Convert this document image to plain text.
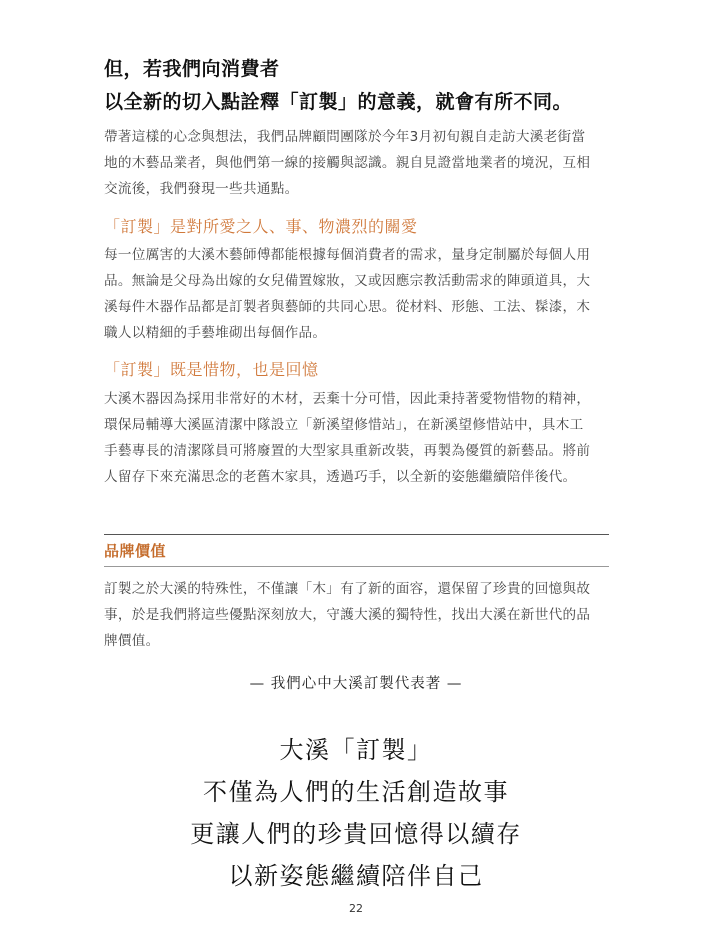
但，若我們向消費者
以全新的切入點詮釋「訂製」的意義，就會有所不同。
帶著這樣的心念與想法，我們品牌顧問團隊於今年3月初旬親自走訪大溪老街當
地的木藝品業者，與他們第一線的接觸與認識。親自見證當地業者的境況，互相
交流後，我們發現一些共通點。
「訂製」是對所愛之人、事、物濃烈的關愛
每一位厲害的大溪木藝師傅都能根據每個消費者的需求，量身定制屬於每個人用
品。無論是父母為出嫁的女兒備置嫁妝，又或因應宗教活動需求的陣頭道具，大
溪每件木器作品都是訂製者與藝師的共同心思。從材料、形態、工法、髹漆，木
職人以精細的手藝堆砌出每個作品。
「訂製」既是惜物，也是回憶
大溪木器因為採用非常好的木材，丟棄十分可惜，因此秉持著愛物惜物的精神，
環保局輔導大溪區清潔中隊設立「新溪望修惜站」，在新溪望修惜站中，具木工
手藝專長的清潔隊員可將廢置的大型家具重新改裝，再製為優質的新藝品。將前
人留存下來充滿思念的老舊木家具，透過巧手，以全新的姿態繼續陪伴後代。
品牌價值
訂製之於大溪的特殊性，不僅讓「木」有了新的面容，還保留了珍貴的回憶與故
事，於是我們將這些優點深刻放大，守護大溪的獨特性，找出大溪在新世代的品
牌價值。
— 我們心中大溪訂製代表著 —
大溪「訂製」
不僅為人們的生活創造故事
更讓人們的珍貴回憶得以續存
以新姿態繼續陪伴自己
22
